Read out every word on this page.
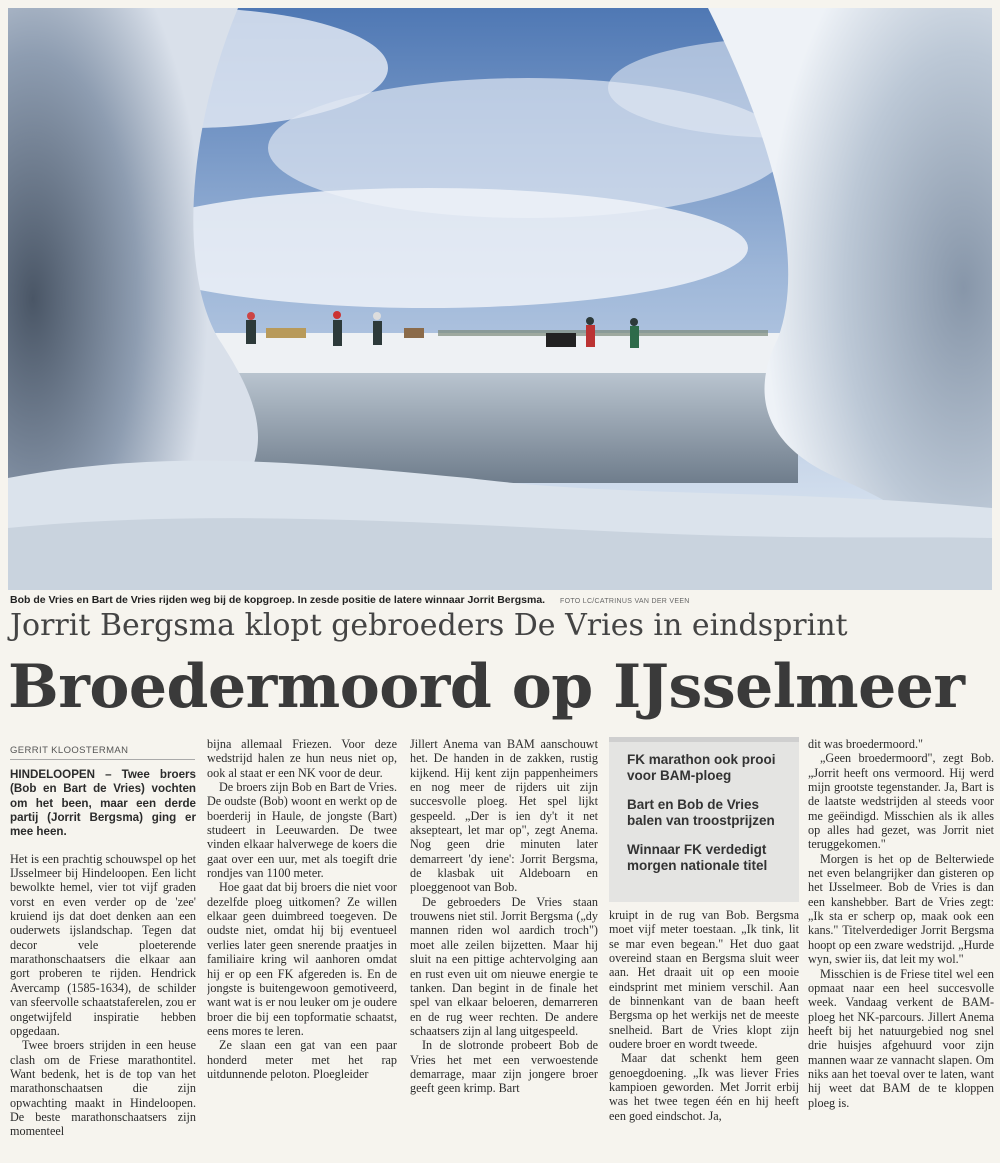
Bob de Vries en Bart de Vries rijden weg bij de kopgroep. In zesde positie de latere winnaar Jorrit Bergsma. FOTO LC/CATRINUS VAN DER VEEN
Jorrit Bergsma klopt gebroeders De Vries in eindsprint
Broedermoord op IJsselmeer
GERRIT KLOOSTERMAN

HINDELOOPEN – Twee broers (Bob en Bart de Vries) vochten om het been, maar een derde partij (Jorrit Bergsma) ging er mee heen.

Het is een prachtig schouwspel op het IJsselmeer bij Hindeloopen. Een licht bewolkte hemel, vier tot vijf graden vorst en even verder op de 'zee' kruiend ijs dat doet denken aan een ouderwets ijslandschap. Tegen dat decor vele ploeterende marathonschaatsers die elkaar aan gort proberen te rijden. Hendrick Avercamp (1585-1634), de schilder van sfeervolle schaatstaferelen, zou er ongetwijfeld inspiratie hebben opgedaan.

Twee broers strijden in een heuse clash om de Friese marathontitel. Want bedenk, het is de top van het marathonschaatsen die zijn opwachting maakt in Hindeloopen. De beste marathonschaatsers zijn momenteel

bijna allemaal Friezen. Voor deze wedstrijd halen ze hun neus niet op, ook al staat er een NK voor de deur.

De broers zijn Bob en Bart de Vries. De oudste (Bob) woont en werkt op de boerderij in Haule, de jongste (Bart) studeert in Leeuwarden. De twee vinden elkaar halverwege de koers die gaat over een uur, met als toegift drie rondjes van 1100 meter.

Hoe gaat dat bij broers die niet voor dezelfde ploeg uitkomen? Ze willen elkaar geen duimbreed toegeven. De oudste niet, omdat hij bij eventueel verlies later geen snerende praatjes in familiaire kring wil aanhoren omdat hij er op een FK afgereden is. En de jongste is buitengewoon gemotiveerd, want wat is er nou leuker om je oudere broer die bij een topformatie schaatst, eens mores te leren.

Ze slaan een gat van een paar honderd meter met het rap uitdunnende peloton. Ploegleider

Jillert Anema van BAM aanschouwt het. De handen in de zakken, rustig kijkend. Hij kent zijn pappenheimers en nog meer de rijders uit zijn succesvolle ploeg. Het spel lijkt gespeeld. „Der is ien dy't it net aksepteart, let mar op", zegt Anema. Nog geen drie minuten later demarreert 'dy iene': Jorrit Bergsma, de klasbak uit Aldeboarn en ploeggenoot van Bob.

De gebroeders De Vries staan trouwens niet stil. Jorrit Bergsma („dy mannen riden wol aardich troch") moet alle zeilen bijzetten. Maar hij sluit na een pittige achtervolging aan en rust even uit om nieuwe energie te tanken. Dan begint in de finale het spel van elkaar beloeren, demarreren en de rug weer rechten. De andere schaatsers zijn al lang uitgespeeld.

In de slotronde probeert Bob de Vries het met een verwoestende demarrage, maar zijn jongere broer geeft geen krimp. Bart

FK marathon ook prooi voor BAM-ploeg
Bart en Bob de Vries balen van troostprijzen
Winnaar FK verdedigt morgen nationale titel

kruipt in de rug van Bob. Bergsma moet vijf meter toestaan. „Ik tink, lit se mar even begean." Het duo gaat overeind staan en Bergsma sluit weer aan. Het draait uit op een mooie eindsprint met miniem verschil. Aan de binnenkant van de baan heeft Bergsma op het werkijs net de meeste snelheid. Bart de Vries klopt zijn oudere broer en wordt tweede.

Maar dat schenkt hem geen genoegdoening. „Ik was liever Fries kampioen geworden. Met Jorrit erbij was het twee tegen één en hij heeft een goed eindschot. Ja,

dit was broedermoord."

„Geen broedermoord", zegt Bob. „Jorrit heeft ons vermoord. Hij werd mijn grootste tegenstander. Ja, Bart is de laatste wedstrijden al steeds voor me geëindigd. Misschien als ik alles op alles had gezet, was Jorrit niet teruggekomen."

Morgen is het op de Belterwiede net even belangrijker dan gisteren op het IJsselmeer. Bob de Vries is dan een kanshebber. Bart de Vries zegt: „Ik sta er scherp op, maak ook een kans." Titelverdediger Jorrit Bergsma hoopt op een zware wedstrijd. „Hurde wyn, swier iis, dat leit my wol."

Misschien is de Friese titel wel een opmaat naar een heel succesvolle week. Vandaag verkent de BAM-ploeg het NK-parcours. Jillert Anema heeft bij het natuurgebied nog snel drie huisjes afgehuurd voor zijn mannen waar ze vannacht slapen. Om niks aan het toeval over te laten, want hij weet dat BAM de te kloppen ploeg is.
